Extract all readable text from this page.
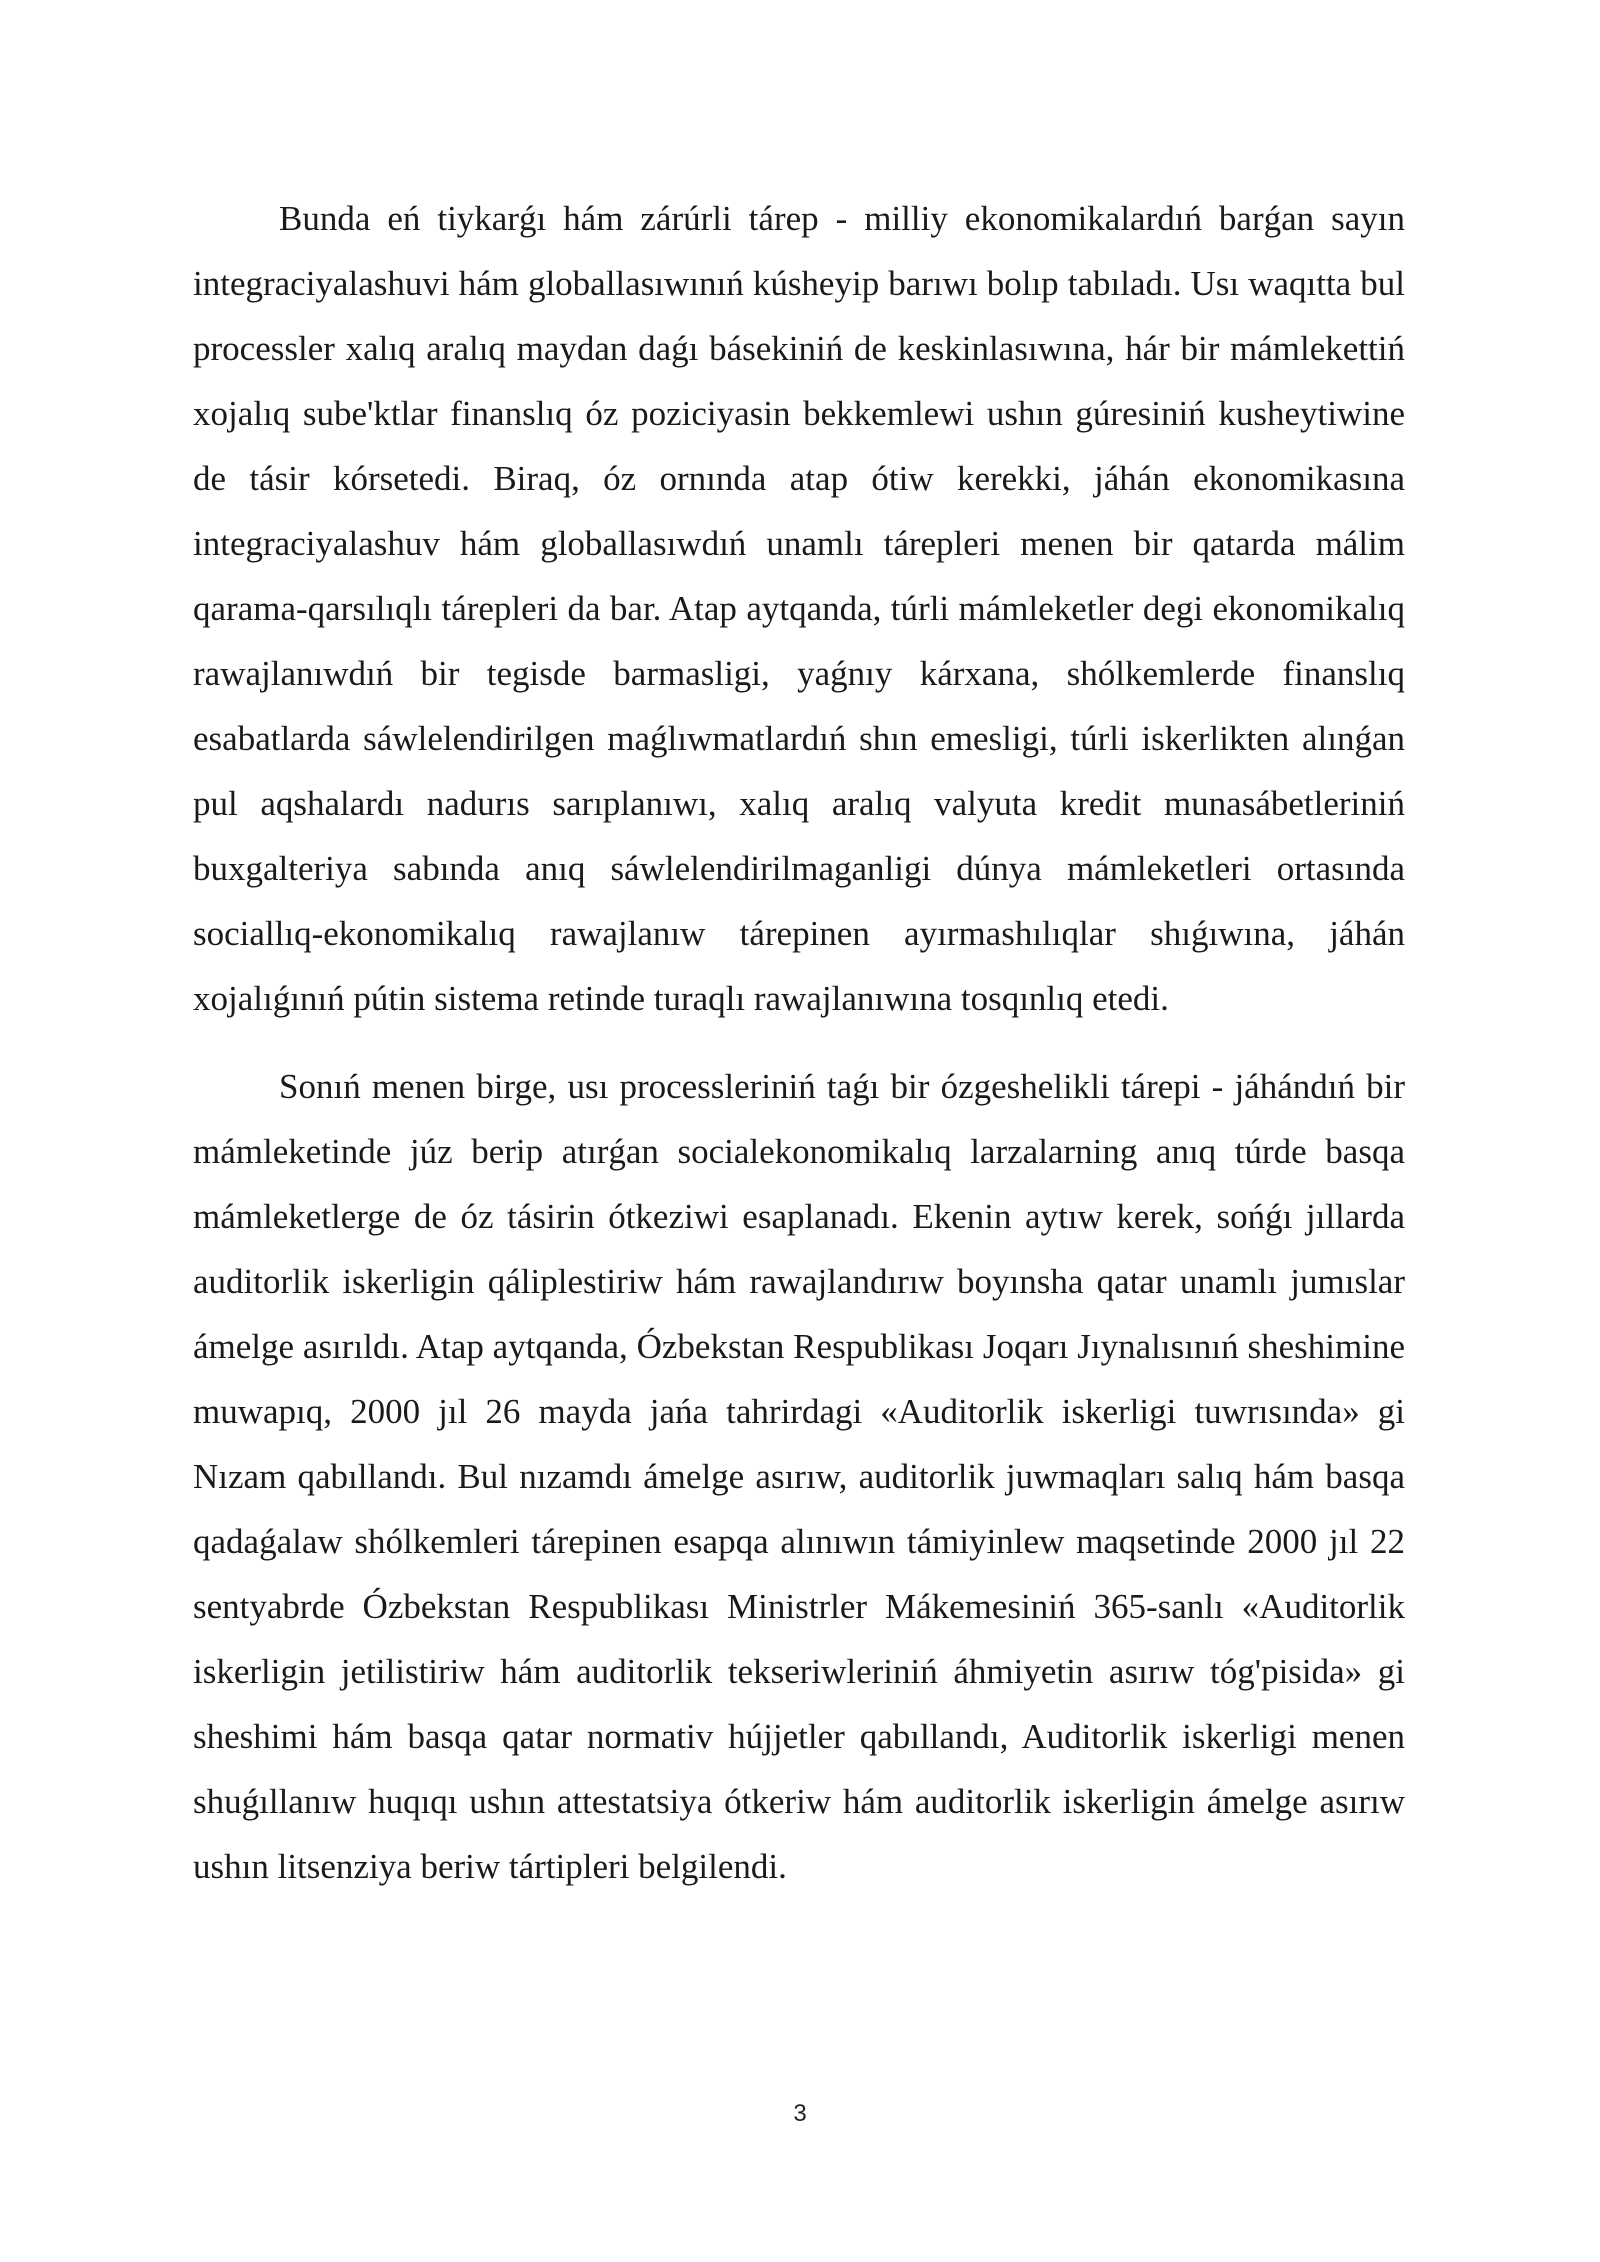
Bunda eń tiykarǵı hám zárúrli tárep - milliy ekonomikalardıń barǵan sayın integraciyalashuvi hám globallasıwınıń kúsheyip barıwı bolıp tabıladı. Usı waqıtta bul processler xalıq aralıq maydan daǵı básekiniń de keskinlasıwına, hár bir mámlekettiń xojalıq sube'ktlar finanslıq óz poziciyasin bekkemlewi ushın gúresiniń kusheytiwine de tásir kórsetedi. Biraq, óz ornında atap ótiw kerekki, jáhán ekonomikasına integraciyalashuv hám globallasıwdıń unamlı tárepleri menen bir qatarda málim qarama-qarsılıqlı tárepleri da bar. Atap aytqanda, túrli mámleketler degi ekonomikalıq rawajlanıwdıń bir tegisde barmasligi, yaǵnıy kárxana, shólkemlerde finanslıq esabatlarda sáwlelendirilgen maǵlıwmatlardıń shın emesligi, túrli iskerlikten alınǵan pul aqshalardı nadurıs sarıplanıwı, xalıq aralıq valyuta kredit munasábetleriniń buxgalteriya sabında anıq sáwlelendirilmaganligi dúnya mámleketleri ortasında sociallıq-ekonomikalıq rawajlanıw tárepinen ayırmashılıqlar shıǵıwına, jáhán xojalıǵınıń pútin sistema retinde turaqlı rawajlanıwına tosqınlıq etedi.

Sonıń menen birge, usı processleriniń taǵı bir ózgeshelikli tárepi - jáhándıń bir mámleketinde júz berip atırǵan socialekonomikalıq larzalarning anıq túrde basqa mámleketlerge de óz tásirin ótkeziwi esaplanadı. Ekenin aytıw kerek, sońǵı jıllarda auditorlik iskerligin qáliplestiriw hám rawajlandırıw boyınsha qatar unamlı jumıslar ámelge asırıldı. Atap aytqanda, Ózbekstan Respublikası Joqarı Jıynalısınıń sheshimine muwapıq, 2000 jıl 26 mayda jańa tahrirdagi «Auditorlik iskerligi tuwrısında» gi Nızam qabıllandı. Bul nızamdı ámelge asırıw, auditorlik juwmaqları salıq hám basqa qadaǵalaw shólkemleri tárepinen esapqa alınıwın támiyinlew maqsetinde 2000 jıl 22 sentyabrde Ózbekstan Respublikası Ministrler Mákemesiniń 365-sanlı «Auditorlik iskerligin jetilistiriw hám auditorlik tekseriwleriniń áhmiyetin asırıw tóg'pisida» gi sheshimi hám basqa qatar normativ hújjetler qabıllandı, Auditorlik iskerligi menen shuǵıllanıw huqıqı ushın attestatsiya ótkeriw hám auditorlik iskerligin ámelge asırıw ushın litsenziya beriw tártipleri belgilendi.

3
